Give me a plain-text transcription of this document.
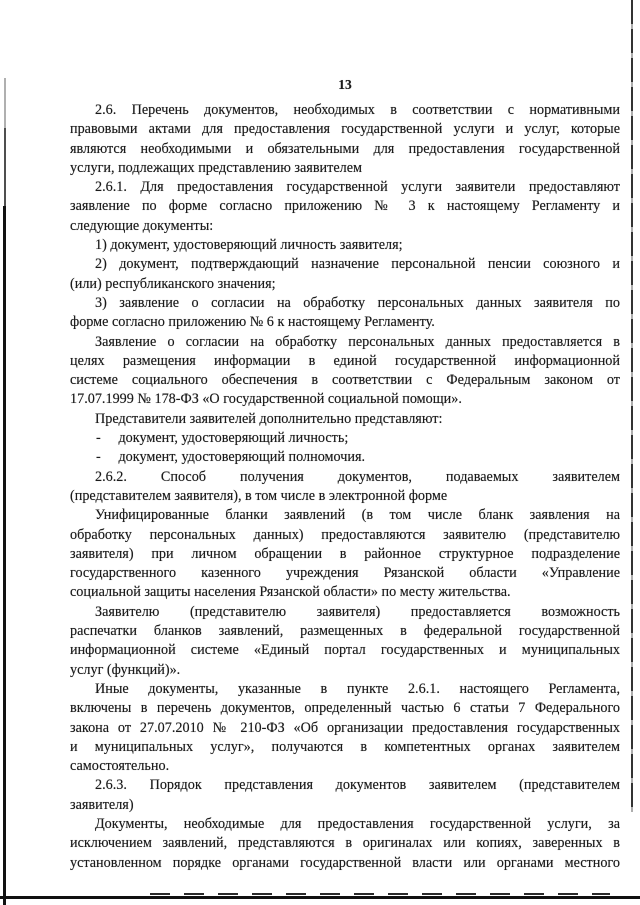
13
2.6. Перечень документов, необходимых в соответствии с нормативными
правовыми актами для предоставления государственной услуги и услуг, которые
являются необходимыми и обязательными для предоставления государственной
услуги, подлежащих представлению заявителем
2.6.1. Для предоставления государственной услуги заявители предоставляют
заявление по форме согласно приложению № 3 к настоящему Регламенту и
следующие документы:
1) документ, удостоверяющий личность заявителя;
2) документ, подтверждающий назначение персональной пенсии союзного и
(или) республиканского значения;
3) заявление о согласии на обработку персональных данных заявителя по
форме согласно приложению № 6 к настоящему Регламенту.
Заявление о согласии на обработку персональных данных предоставляется в
целях размещения информации в единой государственной информационной
системе социального обеспечения в соответствии с Федеральным законом от
17.07.1999 № 178-ФЗ «О государственной социальной помощи».
Представители заявителей дополнительно представляют:
-     документ, удостоверяющий личность;
-     документ, удостоверяющий полномочия.
2.6.2. Способ получения документов, подаваемых заявителем
(представителем заявителя), в том числе в электронной форме
Унифицированные бланки заявлений (в том числе бланк заявления на
обработку персональных данных) предоставляются заявителю (представителю
заявителя) при личном обращении в районное структурное подразделение
государственного казенного учреждения Рязанской области «Управление
социальной защиты населения Рязанской области» по месту жительства.
Заявителю (представителю заявителя) предоставляется возможность
распечатки бланков заявлений, размещенных в федеральной государственной
информационной системе «Единый портал государственных и муниципальных
услуг (функций)».
Иные документы, указанные в пункте 2.6.1. настоящего Регламента,
включены в перечень документов, определенный частью 6 статьи 7 Федерального
закона от 27.07.2010 № 210-ФЗ «Об организации предоставления государственных
и муниципальных услуг», получаются в компетентных органах заявителем
самостоятельно.
2.6.3. Порядок представления документов заявителем (представителем
заявителя)
Документы, необходимые для предоставления государственной услуги, за
исключением заявлений, представляются в оригиналах или копиях, заверенных в
установленном порядке органами государственной власти или органами местного
